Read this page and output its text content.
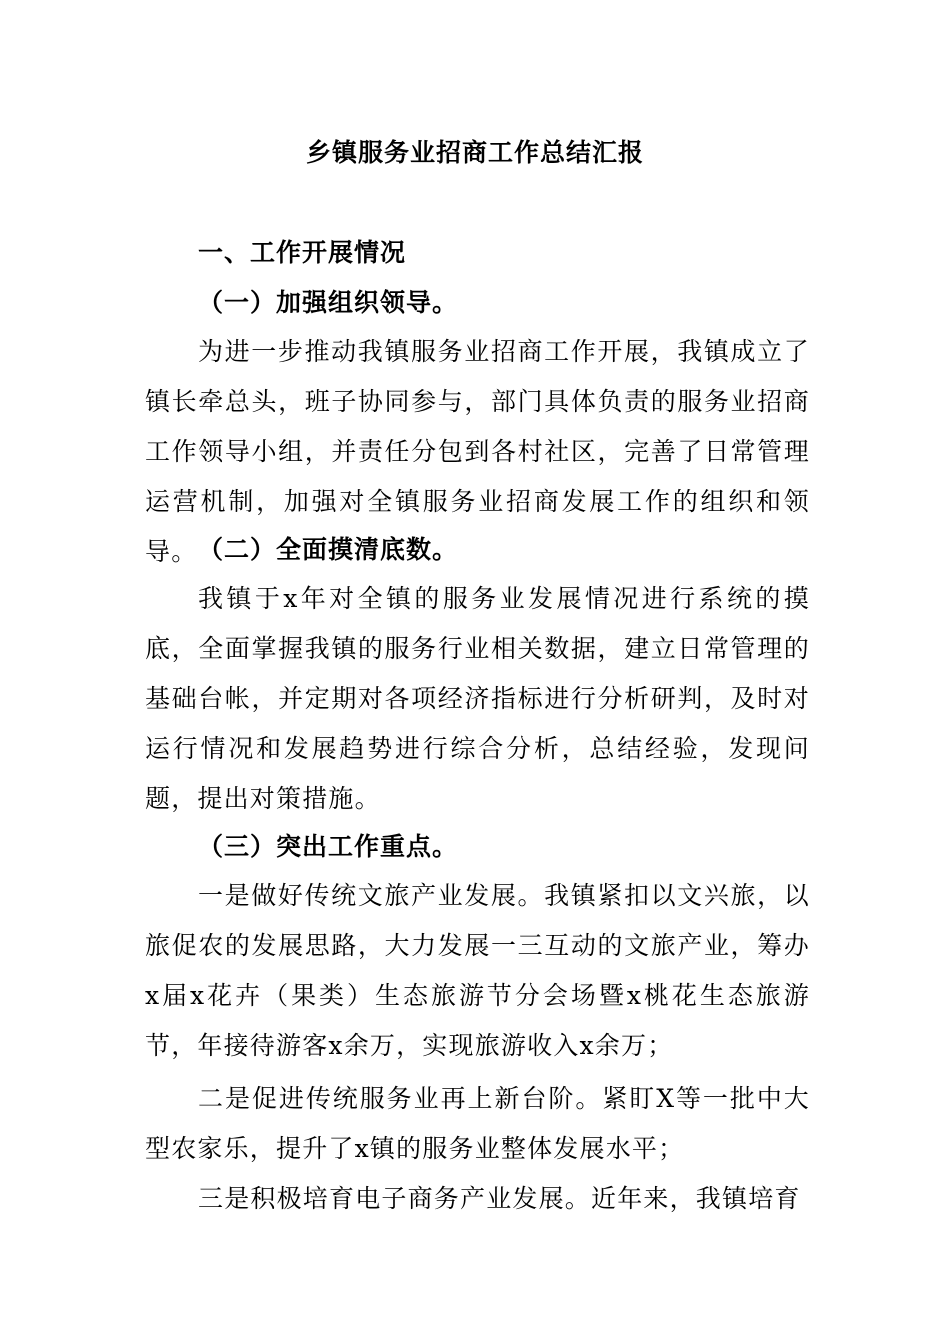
乡镇服务业招商工作总结汇报
一、工作开展情况
（一）加强组织领导。

为进一步推动我镇服务业招商工作开展，我镇成立了镇长牵总头，班子协同参与，部门具体负责的服务业招商工作领导小组，并责任分包到各村社区，完善了日常管理运营机制，加强对全镇服务业招商发展工作的组织和领导。 （二）全面摸清底数。

我镇于x年对全镇的服务业发展情况进行系统的摸底，全面掌握我镇的服务行业相关数据，建立日常管理的基础台帐，并定期对各项经济指标进行分析研判，及时对运行情况和发展趋势进行综合分析，总结经验，发现问题，提出对策措施。

（三）突出工作重点。

一是做好传统文旅产业发展。我镇紧扣以文兴旅，以旅促农的发展思路，大力发展一三互动的文旅产业，筹办x届x花卉（果类）生态旅游节分会场暨x桃花生态旅游节，年接待游客x余万，实现旅游收入x余万；

二是促进传统服务业再上新台阶。紧盯X等一批中大型农家乐，提升了x镇的服务业整体发展水平；

三是积极培育电子商务产业发展。近年来，我镇培育
